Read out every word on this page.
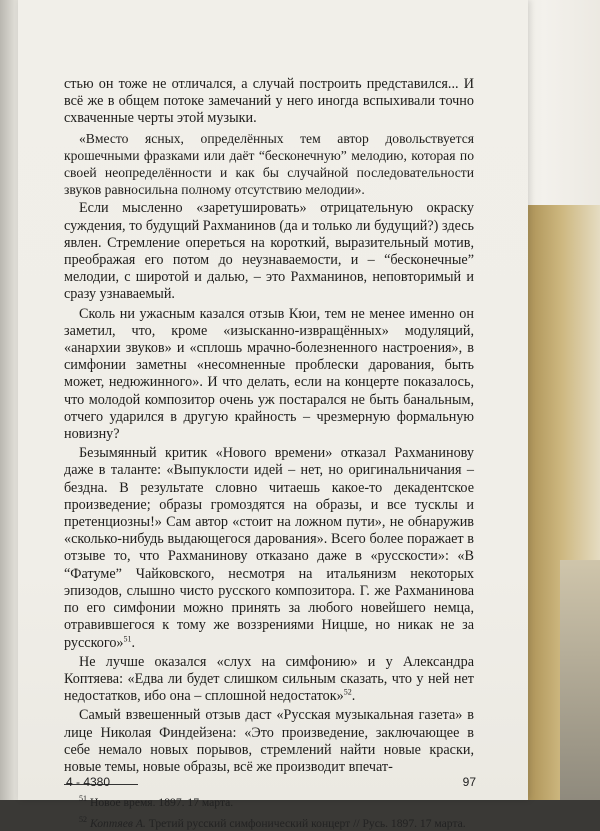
стью он тоже не отличался, а случай построить представился... И всё же в общем потоке замечаний у него иногда вспыхивали точно схваченные черты этой музыки.

«Вместо ясных, определённых тем автор довольствуется крошечными фразками или даёт “бесконечную” мелодию, которая по своей неопределённости и как бы случайной последовательности звуков равносильна полному отсутствию мелодии».

Если мысленно «заретушировать» отрицательную окраску суждения, то будущий Рахманинов (да и только ли будущий?) здесь явлен. Стремление опереться на короткий, выразительный мотив, преображая его потом до неузнаваемости, и – “бесконечные” мелодии, с широтой и далью, – это Рахманинов, неповторимый и сразу узнаваемый.

Сколь ни ужасным казался отзыв Кюи, тем не менее именно он заметил, что, кроме «изысканно-извращённых» модуляций, «анархии звуков» и «сплошь мрачно-болезненного настроения», в симфонии заметны «несомненные проблески дарования, быть может, недюжинного». И что делать, если на концерте показалось, что молодой композитор очень уж постарался не быть банальным, отчего ударился в другую крайность – чрезмерную формальную новизну?

Безымянный критик «Нового времени» отказал Рахманинову даже в таланте: «Выпуклости идей – нет, но оригинальничания – бездна. В результате словно читаешь какое-то декадентское произведение; образы громоздятся на образы, и все тусклы и претенциозны!» Сам автор «стоит на ложном пути», не обнаружив «сколько-нибудь выдающегося дарования». Всего более поражает в отзыве то, что Рахманинову отказано даже в «русскости»: «В “Фатуме” Чайковского, несмотря на итальянизм некоторых эпизодов, слышно чисто русского композитора. Г. же Рахманинова по его симфонии можно принять за любого новейшего немца, отравившегося к тому же воззрениями Ницше, но никак не за русского»$^{51}$.

Не лучше оказался «слух на симфонию» и у Александра Коптяева: «Едва ли будет слишком сильным сказать, что у ней нет недостатков, ибо она – сплошной недостаток»$^{52}$.

Самый взвешенный отзыв даст «Русская музыкальная газета» в лице Николая Финдейзена: «Это произведение, заключающее в себе немало новых порывов, стремлений найти новые краски, новые темы, новые образы, всё же производит впечат-

$^{51}$ Новое время. 1897. 17 марта.

$^{52}$ Коптяев А. Третий русский симфонический концерт // Русь. 1897. 17 марта.

4 - 4380	97
